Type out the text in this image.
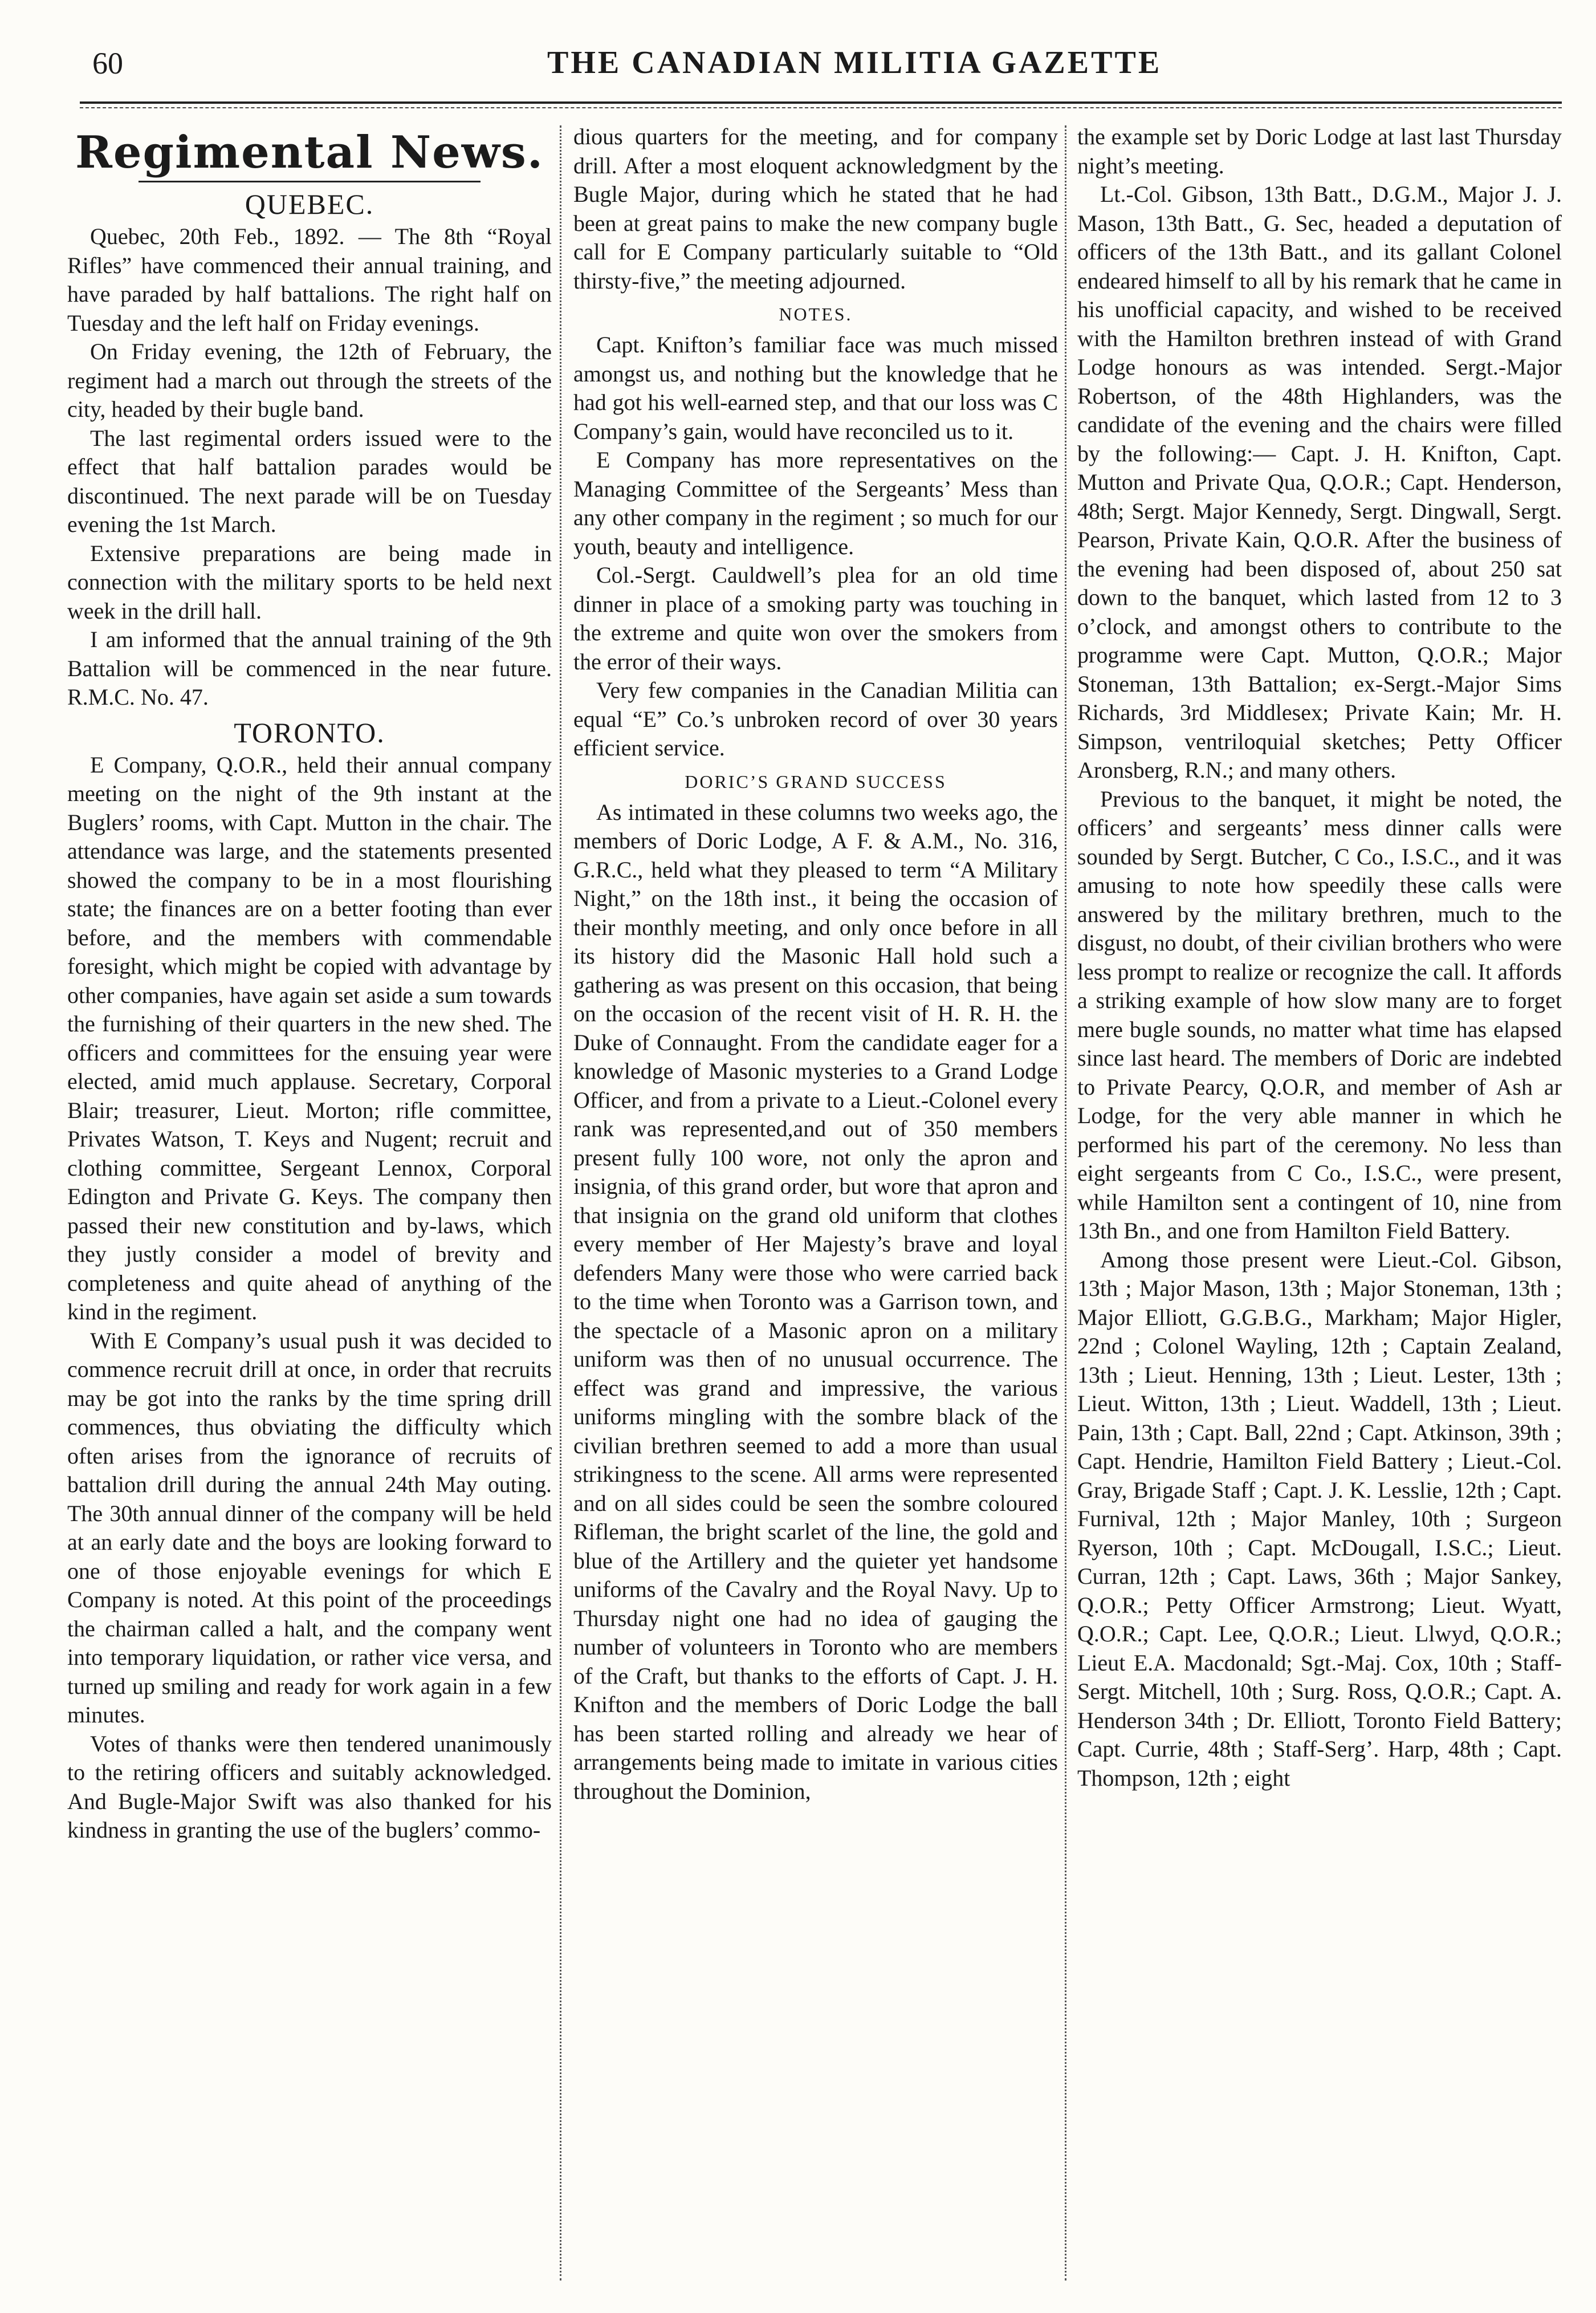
60	THE CANADIAN MILITIA GAZETTE
Regimental News.
QUEBEC.

Quebec, 20th Feb., 1892. — The 8th “Royal Rifles” have commenced their annual training, and have paraded by half battalions. The right half on Tuesday and the left half on Friday evenings.

On Friday evening, the 12th of February, the regiment had a march out through the streets of the city, headed by their bugle band.

The last regimental orders issued were to the effect that half battalion parades would be discontinued. The next parade will be on Tuesday evening the 1st March.

Extensive preparations are being made in connection with the military sports to be held next week in the drill hall.

I am informed that the annual training of the 9th Battalion will be commenced in the near future. R.M.C. No. 47.

TORONTO.

E Company, Q.O.R., held their annual company meeting on the night of the 9th instant at the Buglers’ rooms, with Capt. Mutton in the chair. The attendance was large, and the statements presented showed the company to be in a most flourishing state; the finances are on a better footing than ever before, and the members with commendable foresight, which might be copied with advantage by other companies, have again set aside a sum towards the furnishing of their quarters in the new shed. The officers and committees for the ensuing year were elected, amid much applause. Secretary, Corporal Blair; treasurer, Lieut. Morton; rifle committee, Privates Watson, T. Keys and Nugent; recruit and clothing committee, Sergeant Lennox, Corporal Edington and Private G. Keys. The company then passed their new constitution and by-laws, which they justly consider a model of brevity and completeness and quite ahead of anything of the kind in the regiment.

With E Company’s usual push it was decided to commence recruit drill at once, in order that recruits may be got into the ranks by the time spring drill commences, thus obviating the difficulty which often arises from the ignorance of recruits of battalion drill during the annual 24th May outing. The 30th annual dinner of the company will be held at an early date and the boys are looking forward to one of those enjoyable evenings for which E Company is noted. At this point of the proceedings the chairman called a halt, and the company went into temporary liquidation, or rather vice versa, and turned up smiling and ready for work again in a few minutes.

Votes of thanks were then tendered unanimously to the retiring officers and suitably acknowledged. And Bugle-Major Swift was also thanked for his kindness in granting the use of the buglers’ commo-

dious quarters for the meeting, and for company drill. After a most eloquent acknowledgment by the Bugle Major, during which he stated that he had been at great pains to make the new company bugle call for E Company particularly suitable to “Old thirsty-five,” the meeting adjourned.

NOTES.

Capt. Knifton’s familiar face was much missed amongst us, and nothing but the knowledge that he had got his well-earned step, and that our loss was C Company’s gain, would have reconciled us to it.

E Company has more representatives on the Managing Committee of the Sergeants’ Mess than any other company in the regiment ; so much for our youth, beauty and intelligence.

Col.-Sergt. Cauldwell’s plea for an old time dinner in place of a smoking party was touching in the extreme and quite won over the smokers from the error of their ways.

Very few companies in the Canadian Militia can equal “E” Co.’s unbroken record of over 30 years efficient service.

DORIC’S GRAND SUCCESS

As intimated in these columns two weeks ago, the members of Doric Lodge, A F. & A.M., No. 316, G.R.C., held what they pleased to term “A Military Night,” on the 18th inst., it being the occasion of their monthly meeting, and only once before in all its history did the Masonic Hall hold such a gathering as was present on this occasion, that being on the occasion of the recent visit of H. R. H. the Duke of Connaught. From the candidate eager for a knowledge of Masonic mysteries to a Grand Lodge Officer, and from a private to a Lieut.-Colonel every rank was represented,and out of 350 members present fully 100 wore, not only the apron and insignia, of this grand order, but wore that apron and that insignia on the grand old uniform that clothes every member of Her Majesty’s brave and loyal defenders Many were those who were carried back to the time when Toronto was a Garrison town, and the spectacle of a Masonic apron on a military uniform was then of no unusual occurrence. The effect was grand and impressive, the various uniforms mingling with the sombre black of the civilian brethren seemed to add a more than usual strikingness to the scene. All arms were represented and on all sides could be seen the sombre coloured Rifleman, the bright scarlet of the line, the gold and blue of the Artillery and the quieter yet handsome uniforms of the Cavalry and the Royal Navy. Up to Thursday night one had no idea of gauging the number of volunteers in Toronto who are members of the Craft, but thanks to the efforts of Capt. J. H. Knifton and the members of Doric Lodge the ball has been started rolling and already we hear of arrangements being made to imitate in various cities throughout the Dominion,

the example set by Doric Lodge at last last Thursday night’s meeting.

Lt.-Col. Gibson, 13th Batt., D.G.M., Major J. J. Mason, 13th Batt., G. Sec, headed a deputation of officers of the 13th Batt., and its gallant Colonel endeared himself to all by his remark that he came in his unofficial capacity, and wished to be received with the Hamilton brethren instead of with Grand Lodge honours as was intended. Sergt.-Major Robertson, of the 48th Highlanders, was the candidate of the evening and the chairs were filled by the following:— Capt. J. H. Knifton, Capt. Mutton and Private Qua, Q.O.R.; Capt. Henderson, 48th; Sergt. Major Kennedy, Sergt. Dingwall, Sergt. Pearson, Private Kain, Q.O.R. After the business of the evening had been disposed of, about 250 sat down to the banquet, which lasted from 12 to 3 o’clock, and amongst others to contribute to the programme were Capt. Mutton, Q.O.R.; Major Stoneman, 13th Battalion; ex-Sergt.-Major Sims Richards, 3rd Middlesex; Private Kain; Mr. H. Simpson, ventriloquial sketches; Petty Officer Aronsberg, R.N.; and many others.

Previous to the banquet, it might be noted, the officers’ and sergeants’ mess dinner calls were sounded by Sergt. Butcher, C Co., I.S.C., and it was amusing to note how speedily these calls were answered by the military brethren, much to the disgust, no doubt, of their civilian brothers who were less prompt to realize or recognize the call. It affords a striking example of how slow many are to forget mere bugle sounds, no matter what time has elapsed since last heard. The members of Doric are indebted to Private Pearcy, Q.O.R, and member of Ash ar Lodge, for the very able manner in which he performed his part of the ceremony. No less than eight sergeants from C Co., I.S.C., were present, while Hamilton sent a contingent of 10, nine from 13th Bn., and one from Hamilton Field Battery.

Among those present were Lieut.-Col. Gibson, 13th ; Major Mason, 13th ; Major Stoneman, 13th ; Major Elliott, G.G.B.G., Markham; Major Higler, 22nd ; Colonel Wayling, 12th ; Captain Zealand, 13th ; Lieut. Henning, 13th ; Lieut. Lester, 13th ; Lieut. Witton, 13th ; Lieut. Waddell, 13th ; Lieut. Pain, 13th ; Capt. Ball, 22nd ; Capt. Atkinson, 39th ; Capt. Hendrie, Hamilton Field Battery ; Lieut.-Col. Gray, Brigade Staff ; Capt. J. K. Lesslie, 12th ; Capt. Furnival, 12th ; Major Manley, 10th ; Surgeon Ryerson, 10th ; Capt. McDougall, I.S.C.; Lieut. Curran, 12th ; Capt. Laws, 36th ; Major Sankey, Q.O.R.; Petty Officer Armstrong; Lieut. Wyatt, Q.O.R.; Capt. Lee, Q.O.R.; Lieut. Llwyd, Q.O.R.; Lieut E.A. Macdonald; Sgt.-Maj. Cox, 10th ; Staff-Sergt. Mitchell, 10th ; Surg. Ross, Q.O.R.; Capt. A. Henderson 34th ; Dr. Elliott, Toronto Field Battery; Capt. Currie, 48th ; Staff-Serg’. Harp, 48th ; Capt. Thompson, 12th ; eight
